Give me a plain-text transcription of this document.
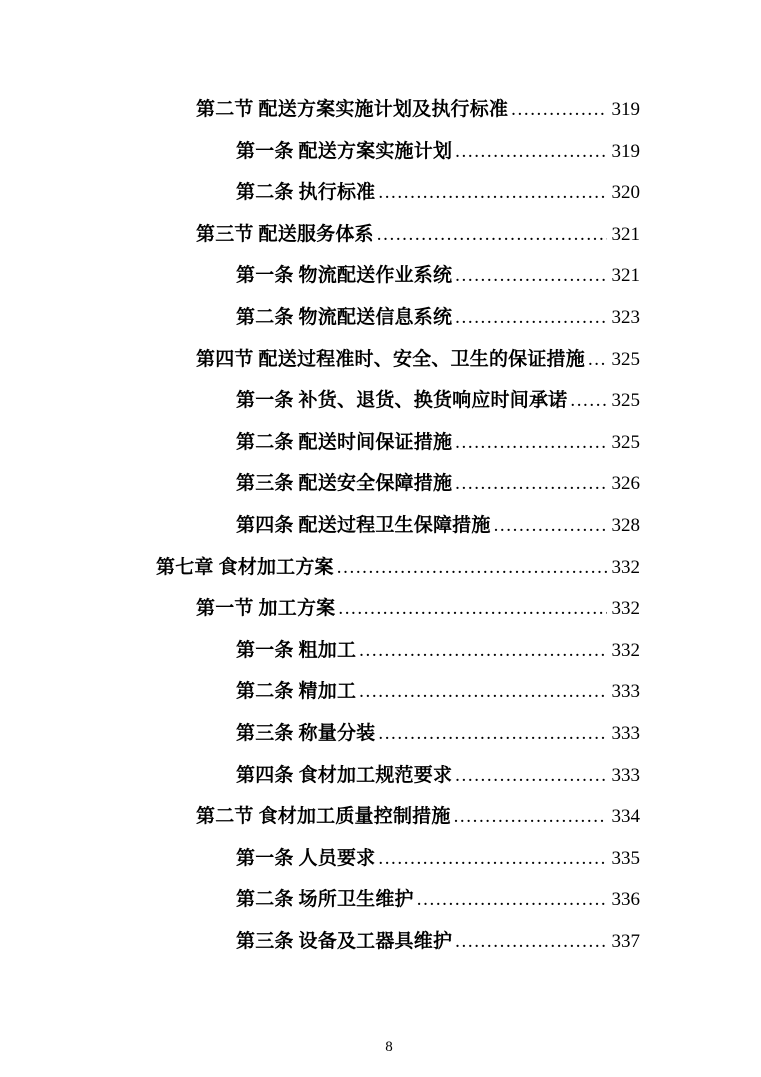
第二节 配送方案实施计划及执行标准 .....	319
第一条 配送方案实施计划 .....	319
第二条 执行标准 .....	320
第三节 配送服务体系 .....	321
第一条 物流配送作业系统 .....	321
第二条 物流配送信息系统 .....	323
第四节 配送过程准时、安全、卫生的保证措施 ..... 325
第一条 补货、退货、换货响应时间承诺 ..... 325
第二条 配送时间保证措施 .....	325
第三条 配送安全保障措施 .....	326
第四条 配送过程卫生保障措施 .....	328
第七章 食材加工方案 .....	332
第一节 加工方案 .....	332
第一条 粗加工 .....	332
第二条 精加工 .....	333
第三条 称量分装 .....	333
第四条 食材加工规范要求 .....	333
第二节 食材加工质量控制措施 .....	334
第一条 人员要求 .....	335
第二条 场所卫生维护 .....	336
第三条 设备及工器具维护 .....	337
8
